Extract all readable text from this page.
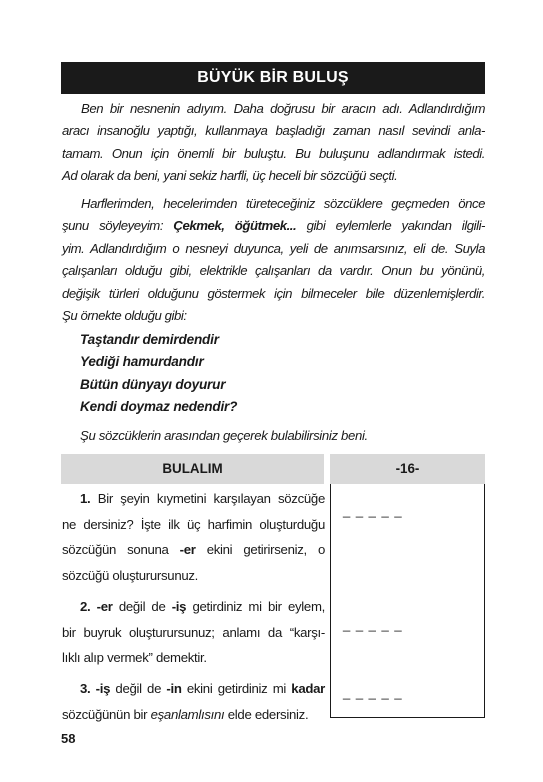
BÜYÜK BİR BULUŞ
Ben bir nesnenin adıyım. Daha doğrusu bir aracın adı. Adlandırdığım
aracı insanoğlu yaptığı, kullanmaya başladığı zaman nasıl sevindi anla-
tamam. Onun için önemli bir buluştu. Bu buluşunu adlandırmak istedi.
Ad olarak da beni, yani sekiz harfli, üç heceli bir sözcüğü seçti.
Harflerimden, hecelerimden türeteceğiniz sözcüklere geçmeden önce
şunu söyleyeyim: Çekmek, öğütmek... gibi eylemlerle yakından ilgili-
yim. Adlandırdığım o nesneyi duyunca, yeli de anımsarsınız, eli de. Suyla
çalışanları olduğu gibi, elektrikle çalışanları da vardır. Onun bu yönünü,
değişik türleri olduğunu göstermek için bilmeceler bile düzenlemişlerdir.
Şu örnekte olduğu gibi:
Taştandır demirdendir
Yediği hamurdandır
Bütün dünyayı doyurur
Kendi doymaz nedendir?
Şu sözcüklerin arasından geçerek bulabilirsiniz beni.
BULALIM	-16-
_ _ _ _ _
_ _ _ _ _
_ _ _ _ _
1. Bir şeyin kıymetini karşılayan sözcüğe
ne dersiniz? İşte ilk üç harfimin oluşturduğu
sözcüğün sonuna -er ekini getirirseniz, o
sözcüğü oluşturursunuz.
2. -er değil de -iş getirdiniz mi bir eylem,
bir buyruk oluşturursunuz; anlamı da “karşı-
lıklı alıp vermek” demektir.
3. -iş değil de -in ekini getirdiniz mi kadar
sözcüğünün bir eşanlamlısını elde edersiniz.
58
